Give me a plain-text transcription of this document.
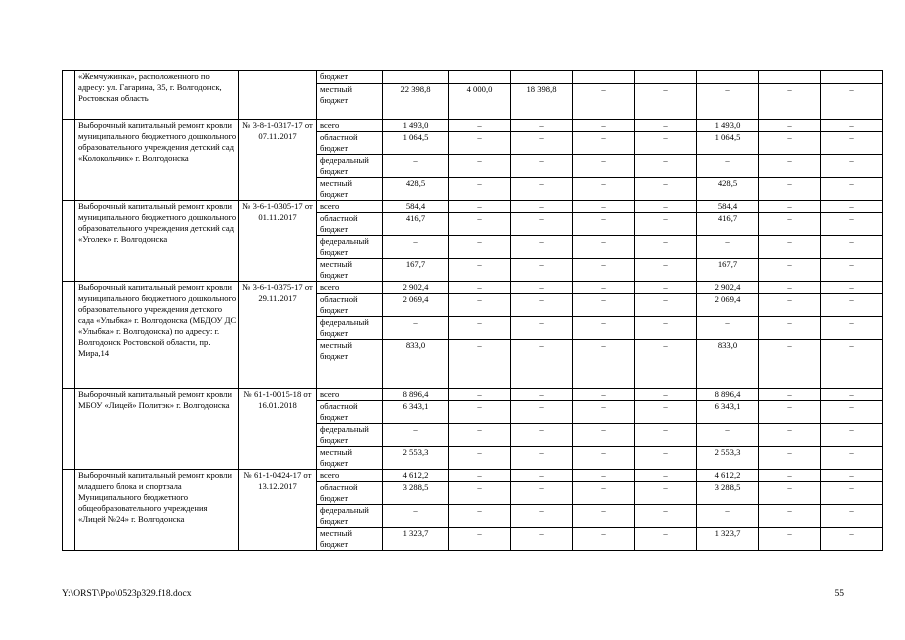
	«Жемчужинка», расположенного по адресу: ул. Гагарина, 35, г. Волгодонск, Ростовская область		бюджет								
			местный бюджет	22 398,8	4 000,0	18 398,8	–	–	–	–	–
	Выборочный капитальный ремонт кровли муниципального бюджетного дошкольного образовательного учреждения детский сад «Колокольчик» г. Волгодонска	№ 3-8-1-0317-17 от 07.11.2017	всего	1 493,0	–	–	–	–	1 493,0	–	–
			областной бюджет	1 064,5	–	–	–	–	1 064,5	–	–
			федеральный бюджет	–	–	–	–	–	–	–	–
			местный бюджет	428,5	–	–	–	–	428,5	–	–
	Выборочный капитальный ремонт кровли муниципального бюджетного дошкольного образовательного учреждения детский сад «Уголек» г. Волгодонска	№ 3-6-1-0305-17 от 01.11.2017	всего	584,4	–	–	–	–	584,4	–	–
			областной бюджет	416,7	–	–	–	–	416,7	–	–
			федеральный бюджет	–	–	–	–	–	–	–	–
			местный бюджет	167,7	–	–	–	–	167,7	–	–
	Выборочный капитальный ремонт кровли муниципального бюджетного дошкольного образовательного учреждения детского сада «Улыбка» г. Волгодонска (МБДОУ ДС «Улыбка» г. Волгодонска) по адресу: г. Волгодонск Ростовской области, пр. Мира,14	№ 3-6-1-0375-17 от 29.11.2017	всего	2 902,4	–	–	–	–	2 902,4	–	–
			областной бюджет	2 069,4	–	–	–	–	2 069,4	–	–
			федеральный бюджет	–	–	–	–	–	–	–	–
			местный бюджет	833,0	–	–	–	–	833,0	–	–
	Выборочный капитальный ремонт кровли МБОУ «Лицей» Политэк» г. Волгодонска	№ 61-1-0015-18 от 16.01.2018	всего	8 896,4	–	–	–	–	8 896,4	–	–
			областной бюджет	6 343,1	–	–	–	–	6 343,1	–	–
			федеральный бюджет	–	–	–	–	–	–	–	–
			местный бюджет	2 553,3	–	–	–	–	2 553,3	–	–
	Выборочный капитальный ремонт кровли младшего блока и спортзала Муниципального бюджетного общеобразовательного учреждения «Лицей №24» г. Волгодонска	№ 61-1-0424-17 от 13.12.2017	всего	4 612,2	–	–	–	–	4 612,2	–	–
			областной бюджет	3 288,5	–	–	–	–	3 288,5	–	–
			федеральный бюджет	–	–	–	–	–	–	–	–
			местный бюджет	1 323,7	–	–	–	–	1 323,7	–	–
Y:\ORST\Ppo\0523p329.f18.docx	55
